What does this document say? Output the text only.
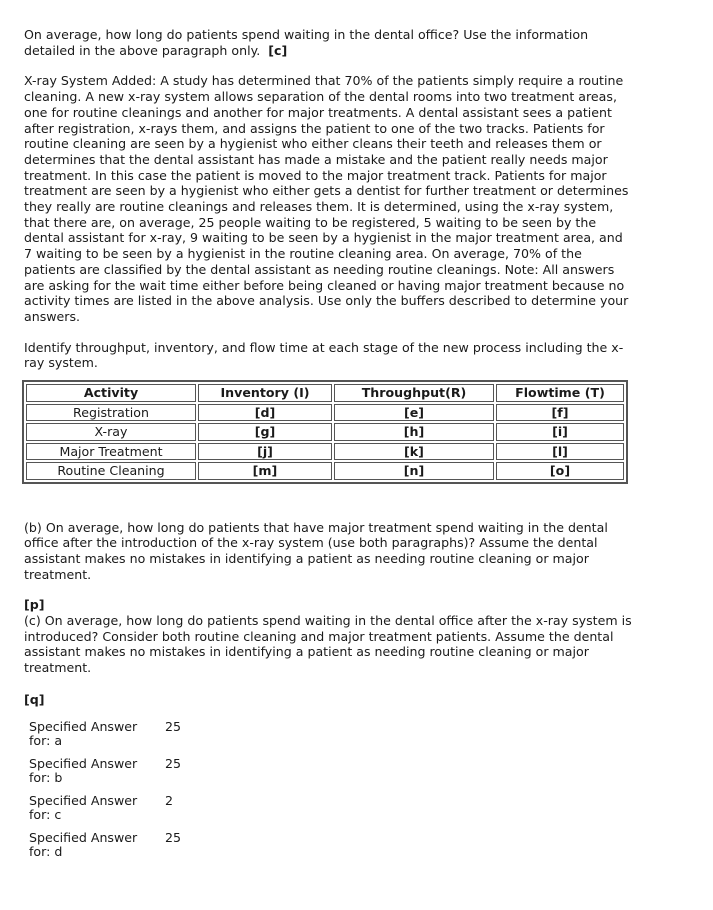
On average, how long do patients spend waiting in the dental office? Use the information detailed in the above paragraph only. [c]

X-ray System Added: A study has determined that 70% of the patients simply require a routine cleaning. A new x-ray system allows separation of the dental rooms into two treatment areas, one for routine cleanings and another for major treatments. A dental assistant sees a patient after registration, x-rays them, and assigns the patient to one of the two tracks. Patients for routine cleaning are seen by a hygienist who either cleans their teeth and releases them or determines that the dental assistant has made a mistake and the patient really needs major treatment. In this case the patient is moved to the major treatment track. Patients for major treatment are seen by a hygienist who either gets a dentist for further treatment or determines they really are routine cleanings and releases them. It is determined, using the x-ray system, that there are, on average, 25 people waiting to be registered, 5 waiting to be seen by the dental assistant for x-ray, 9 waiting to be seen by a hygienist in the major treatment area, and 7 waiting to be seen by a hygienist in the routine cleaning area. On average, 70% of the patients are classified by the dental assistant as needing routine cleanings. Note: All answers are asking for the wait time either before being cleaned or having major treatment because no activity times are listed in the above analysis. Use only the buffers described to determine your answers.

Identify throughput, inventory, and flow time at each stage of the new process including the x-ray system.

Activity	Inventory (I)	Throughput(R)	Flowtime (T)
Registration	[d]	[e]	[f]
X-ray	[g]	[h]	[i]
Major Treatment	[j]	[k]	[l]
Routine Cleaning	[m]	[n]	[o]

(b) On average, how long do patients that have major treatment spend waiting in the dental office after the introduction of the x-ray system (use both paragraphs)? Assume the dental assistant makes no mistakes in identifying a patient as needing routine cleaning or major treatment.

[p]

(c) On average, how long do patients spend waiting in the dental office after the x-ray system is introduced? Consider both routine cleaning and major treatment patients. Assume the dental assistant makes no mistakes in identifying a patient as needing routine cleaning or major treatment.

[q]

Specified Answer
for: a
25
Specified Answer
for: b
25
Specified Answer
for: c
2
Specified Answer
for: d
25
